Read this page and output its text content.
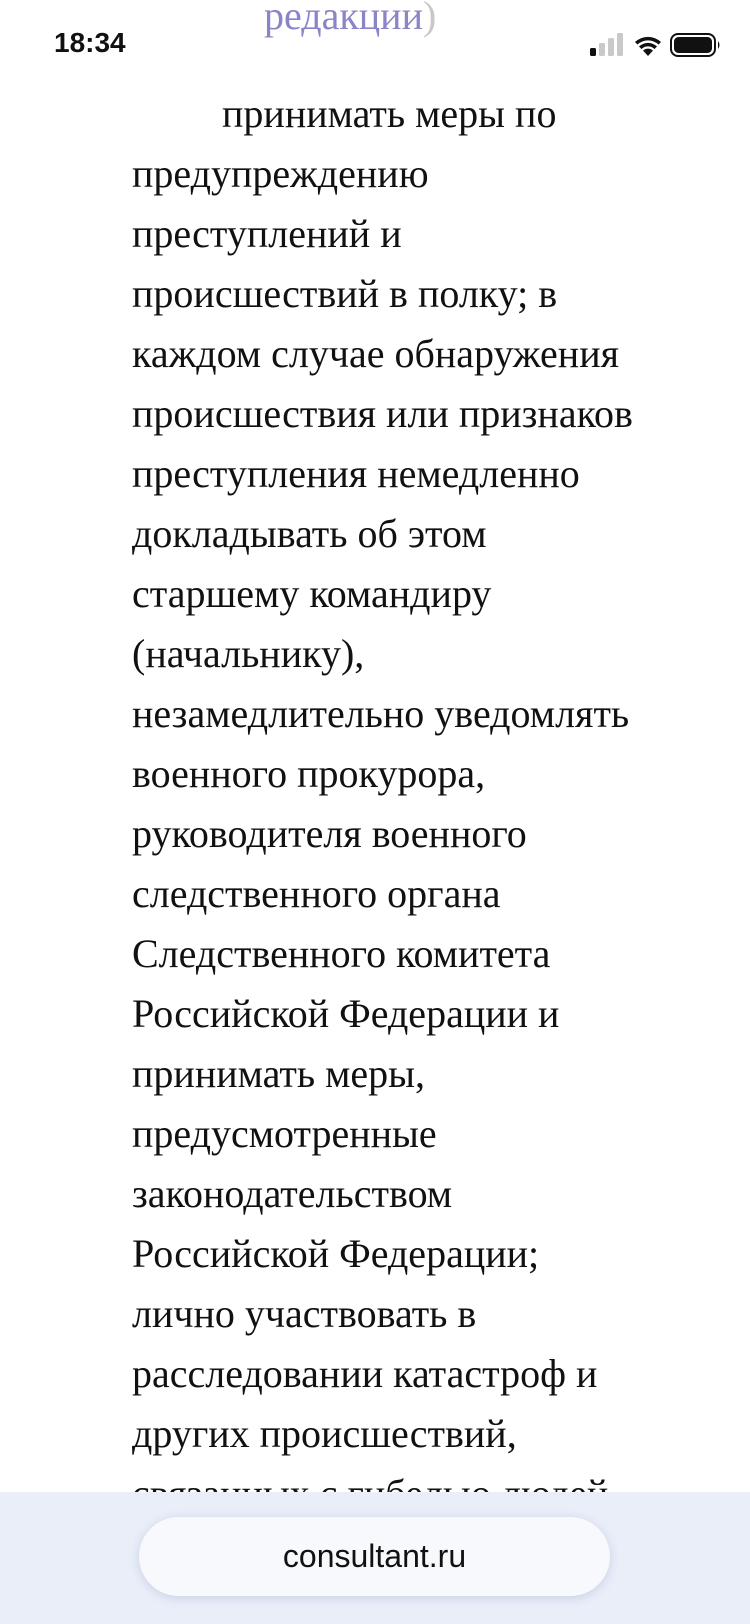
редакции)
принимать меры по
предупреждению
преступлений и
происшествий в полку; в
каждом случае обнаружения
происшествия или признаков
преступления немедленно
докладывать об этом
старшему командиру
(начальнику),
незамедлительно уведомлять
военного прокурора,
руководителя военного
следственного органа
Следственного комитета
Российской Федерации и
принимать меры,
предусмотренные
законодательством
Российской Федерации;
лично участвовать в
расследовании катастроф и
других происшествий,
18:34
consultant.ru
